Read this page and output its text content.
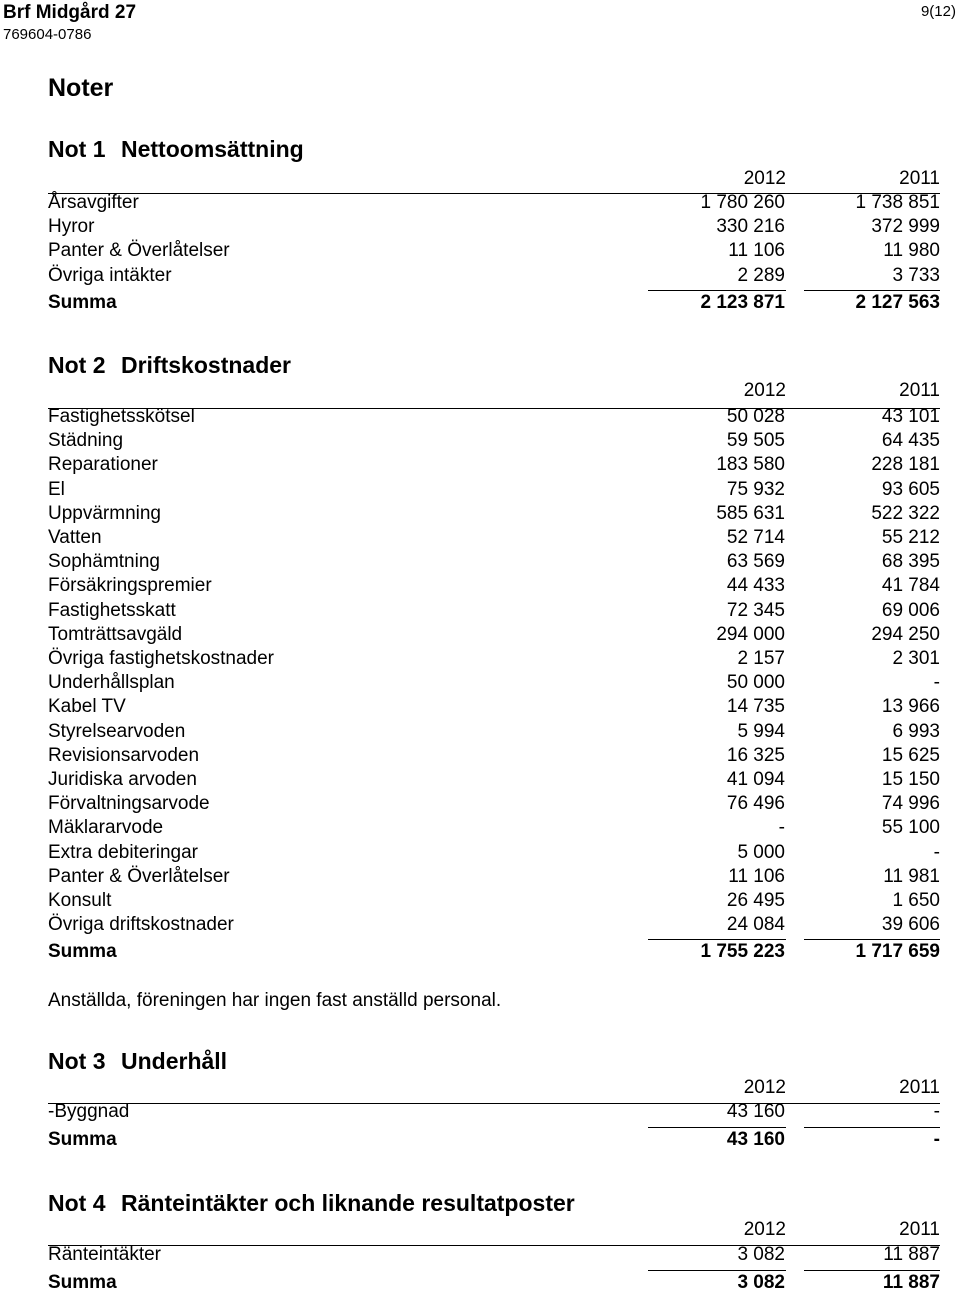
Brf Midgård 27
769604-0786
9(12)
Noter
Not 1 Nettoomsättning
2012	2011
Årsavgifter	1 780 260	1 738 851
Hyror	330 216	372 999
Panter & Överlåtelser	11 106	11 980
Övriga intäkter	2 289	3 733
Summa	2 123 871	2 127 563
Not 2 Driftskostnader
2012	2011
Fastighetsskötsel	50 028	43 101
Städning	59 505	64 435
Reparationer	183 580	228 181
El	75 932	93 605
Uppvärmning	585 631	522 322
Vatten	52 714	55 212
Sophämtning	63 569	68 395
Försäkringspremier	44 433	41 784
Fastighetsskatt	72 345	69 006
Tomträttsavgäld	294 000	294 250
Övriga fastighetskostnader	2 157	2 301
Underhållsplan	50 000	-
Kabel TV	14 735	13 966
Styrelsearvoden	5 994	6 993
Revisionsarvoden	16 325	15 625
Juridiska arvoden	41 094	15 150
Förvaltningsarvode	76 496	74 996
Mäklararvode	-	55 100
Extra debiteringar	5 000	-
Panter & Överlåtelser	11 106	11 981
Konsult	26 495	1 650
Övriga driftskostnader	24 084	39 606
Summa	1 755 223	1 717 659
Not 3 Underhåll
2012	2011
-Byggnad	43 160	-
Summa	43 160	-
Not 4 Ränteintäkter och liknande resultatposter
2012	2011
Ränteintäkter	3 082	11 887
Summa	3 082	11 887
Anställda, föreningen har ingen fast anställd personal.
